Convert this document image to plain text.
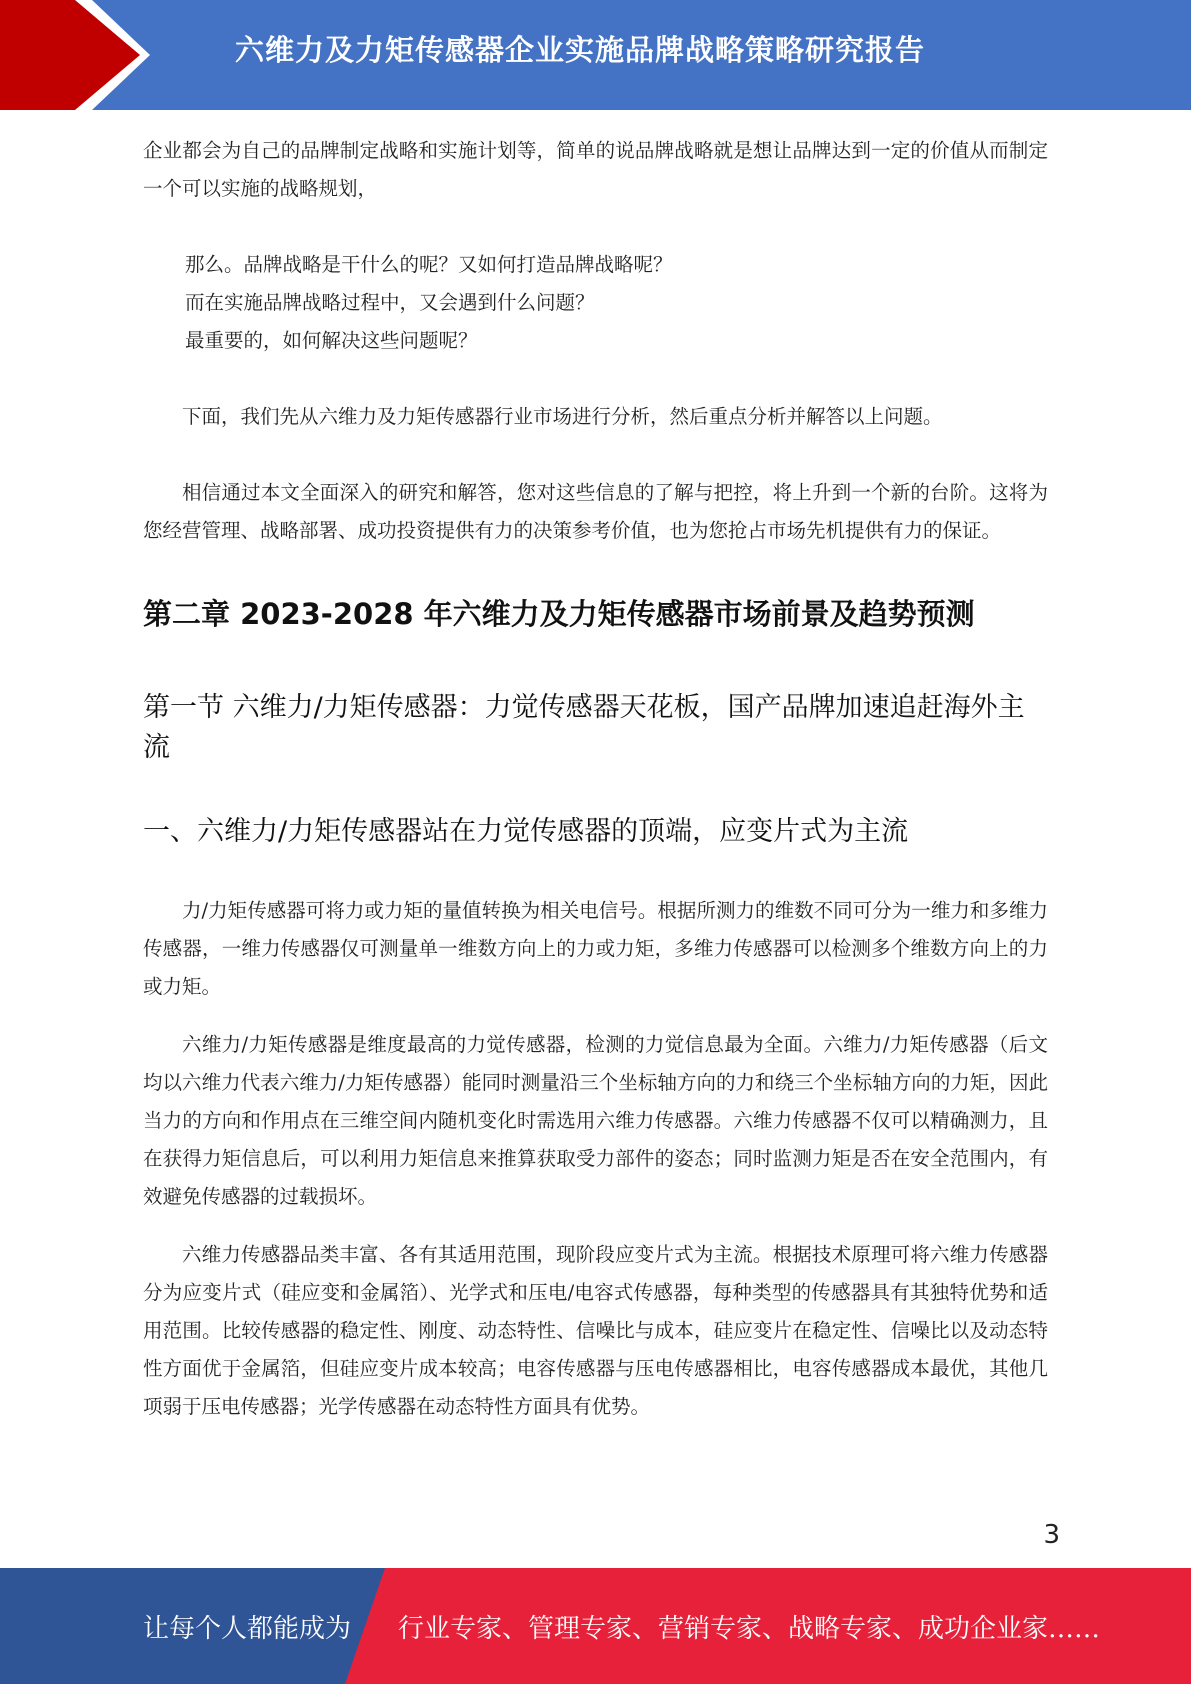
六维力及力矩传感器企业实施品牌战略策略研究报告

企业都会为自己的品牌制定战略和实施计划等，简单的说品牌战略就是想让品牌达到一定的价值从而制定一个可以实施的战略规划，

那么。品牌战略是干什么的呢？又如何打造品牌战略呢？

而在实施品牌战略过程中，又会遇到什么问题？

最重要的，如何解决这些问题呢？

下面，我们先从六维力及力矩传感器行业市场进行分析，然后重点分析并解答以上问题。

相信通过本文全面深入的研究和解答，您对这些信息的了解与把控，将上升到一个新的台阶。这将为您经营管理、战略部署、成功投资提供有力的决策参考价值，也为您抢占市场先机提供有力的保证。

第二章 2023-2028 年六维力及力矩传感器市场前景及趋势预测
第一节 六维力/力矩传感器：力觉传感器天花板，国产品牌加速追赶海外主流
一、六维力/力矩传感器站在力觉传感器的顶端，应变片式为主流

力/力矩传感器可将力或力矩的量值转换为相关电信号。根据所测力的维数不同可分为一维力和多维力传感器，一维力传感器仅可测量单一维数方向上的力或力矩，多维力传感器可以检测多个维数方向上的力或力矩。

六维力/力矩传感器是维度最高的力觉传感器，检测的力觉信息最为全面。六维力/力矩传感器（后文均以六维力代表六维力/力矩传感器）能同时测量沿三个坐标轴方向的力和绕三个坐标轴方向的力矩，因此当力的方向和作用点在三维空间内随机变化时需选用六维力传感器。六维力传感器不仅可以精确测力，且在获得力矩信息后，可以利用力矩信息来推算获取受力部件的姿态；同时监测力矩是否在安全范围内，有效避免传感器的过载损坏。

六维力传感器品类丰富、各有其适用范围，现阶段应变片式为主流。根据技术原理可将六维力传感器分为应变片式（硅应变和金属箔）、光学式和压电/电容式传感器，每种类型的传感器具有其独特优势和适用范围。比较传感器的稳定性、刚度、动态特性、信噪比与成本，硅应变片在稳定性、信噪比以及动态特性方面优于金属箔，但硅应变片成本较高；电容传感器与压电传感器相比，电容传感器成本最优，其他几项弱于压电传感器；光学传感器在动态特性方面具有优势。

3
让每个人都能成为 行业专家、管理专家、营销专家、战略专家、成功企业家……
